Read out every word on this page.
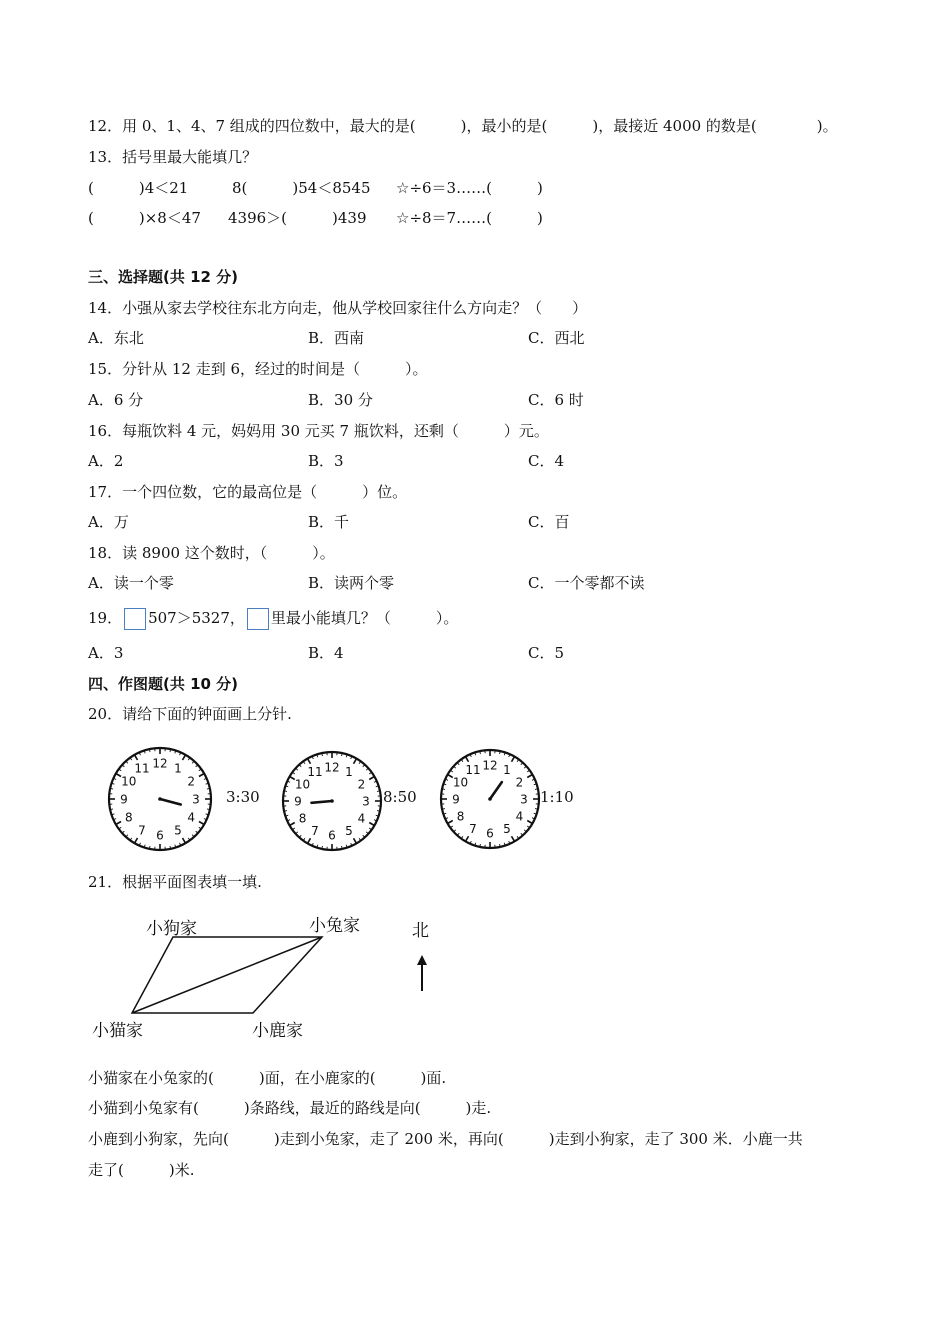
12．用 0、1、4、7 组成的四位数中，最大的是(　　　)，最小的是(　　　)，最接近 4000 的数是(　　　　)。
13．括号里最大能填几？
(　　　)4＜21	8(　　　)54＜8545 ☆÷6＝3……(　　　)
(　　　)×8＜47 4396＞(　　　)439 ☆÷8＝7……(　　　)
三、选择题(共 12 分)
14．小强从家去学校往东北方向走，他从学校回家往什么方向走？（　　）
A．东北	B．西南	C．西北
15．分针从 12 走到 6，经过的时间是（　　　）。
A．6 分	B．30 分	C．6 时
16．每瓶饮料 4 元，妈妈用 30 元买 7 瓶饮料，还剩（　　　）元。
A．2	B．3	C．4
17．一个四位数，它的最高位是（　　　）位。
A．万	B．千	C．百
18．读 8900 这个数时，（　　　）。
A．读一个零	B．读两个零	C．一个零都不读
19． 507＞5327， 里最小能填几？（　　　）。
A．3	B．4	C．5
四、作图题(共 10 分)
20．请给下面的钟面画上分针.
12 1
2
3
4
5
6
7
8
9
10
11
3:30
12 1
2
3
4
5
6
7
8
9
10
11
8:50
12 1
2
3
4
5
6
7
8
9
10
11
1:10
21．根据平面图表填一填.
小狗家	小兔家
小猫家	小鹿家
北
小猫家在小兔家的(　　　)面，在小鹿家的(　　　)面.
小猫到小兔家有(　　　)条路线，最近的路线是向(　　　)走.
小鹿到小狗家，先向(　　　)走到小兔家，走了 200 米，再向(　　　)走到小狗家，走了 300 米．小鹿一共
走了(　　　)米.
